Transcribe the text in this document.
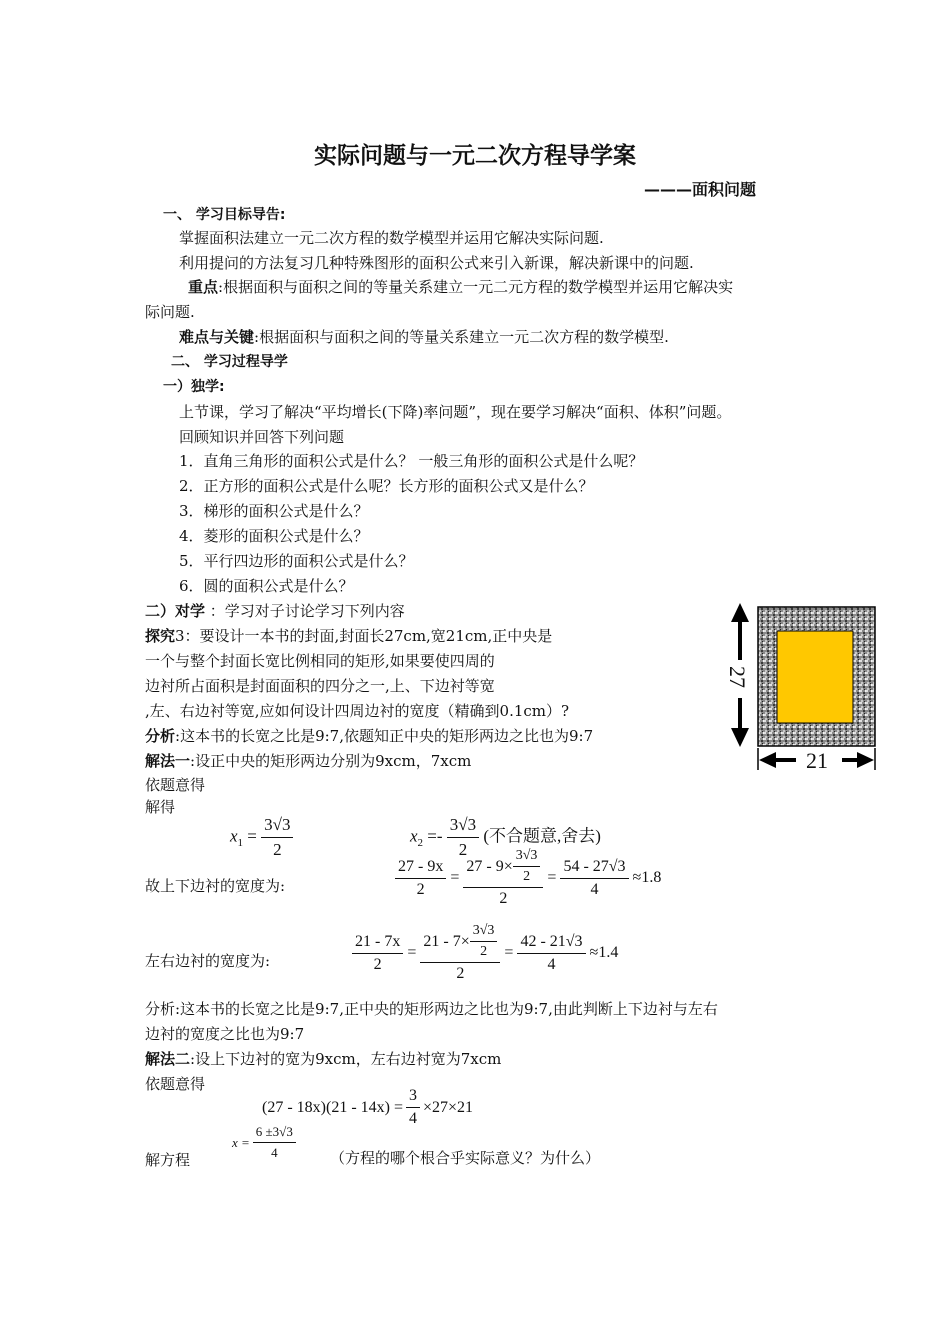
实际问题与一元二次方程导学案
———面积问题
一、 学习目标导告:
掌握面积法建立一元二次方程的数学模型并运用它解决实际问题.
利用提问的方法复习几种特殊图形的面积公式来引入新课，解决新课中的问题.
重点:根据面积与面积之间的等量关系建立一元二元方程的数学模型并运用它解决实
际问题.
难点与关键:根据面积与面积之间的等量关系建立一元二次方程的数学模型.
二、 学习过程导学
一）独学:
上节课，学习了解决“平均增长(下降)率问题”，现在要学习解决“面积、体积”问题。
回顾知识并回答下列问题
1．直角三角形的面积公式是什么？ 一般三角形的面积公式是什么呢？
2．正方形的面积公式是什么呢？长方形的面积公式又是什么？
3．梯形的面积公式是什么？
4．菱形的面积公式是什么？
5．平行四边形的面积公式是什么？
6．圆的面积公式是什么？
二）对学 ：学习对子讨论学习下列内容
探究3：要设计一本书的封面,封面长27cm,宽21cm,正中央是
一个与整个封面长宽比例相同的矩形,如果要使四周的
边衬所占面积是封面面积的四分之一,上、下边衬等宽
,左、右边衬等宽,应如何设计四周边衬的宽度（精确到0.1cm）?
分析:这本书的长宽之比是9:7,依题知正中央的矩形两边之比也为9:7
解法一:设正中央的矩形两边分别为9xcm，7xcm
依题意得
解得
$x_1 = \frac{3√3}{2}$	$x_2 =- \frac{3√3}{2}$ (不合题意,舍去)
故上下边衬的宽度为:	$\frac{27 - 9x}{2} = \frac{27 - 9\times \frac{3√3}{2}}{2} = \frac{54 - 27√3}{4} \approx 1.8$
左右边衬的宽度为:	$\frac{21 - 7x}{2} = \frac{21 - 7\times \frac{3√3}{2}}{2} = \frac{42 - 21√3}{4} \approx 1.4$
分析:这本书的长宽之比是9:7,正中央的矩形两边之比也为9:7,由此判断上下边衬与左右
边衬的宽度之比也为9:7
解法二:设上下边衬的宽为9xcm，左右边衬宽为7xcm
依题意得
$(27 - 18x)(21 - 14x) = \frac{3}{4} \times 27\times 21$
解方程
$x = \frac{6 \pm 3√3}{4}$ （方程的哪个根合乎实际意义？为什么）
27
21
